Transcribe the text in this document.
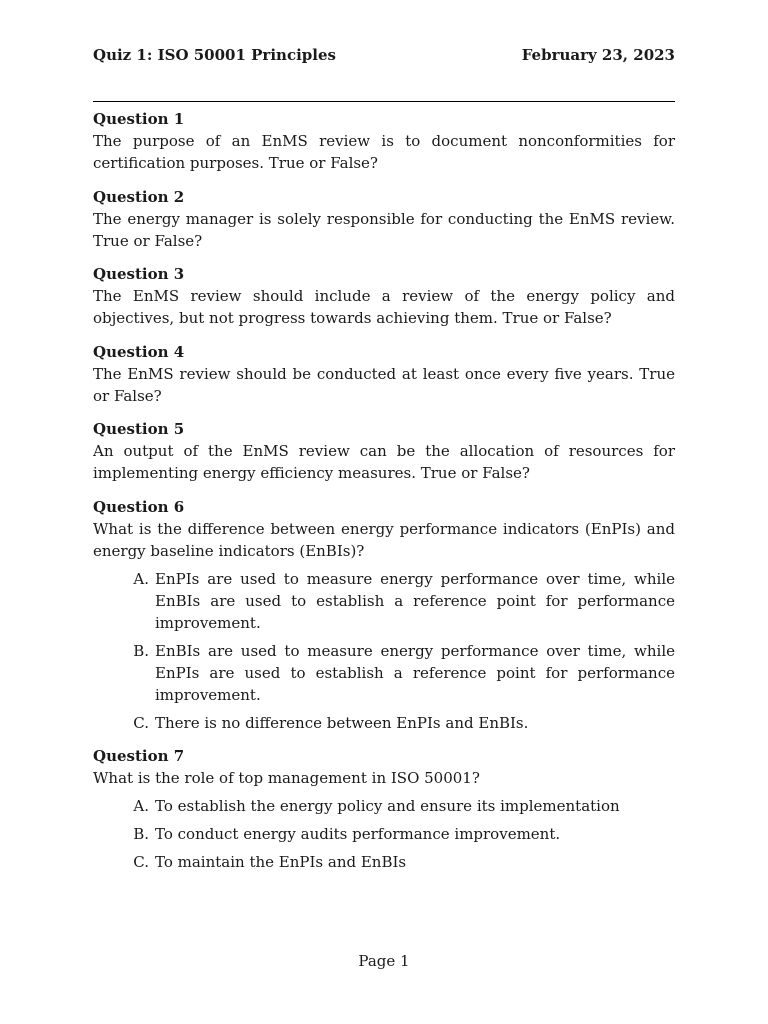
Quiz 1: ISO 50001 Principles	February 23, 2023
Question 1
The purpose of an EnMS review is to document nonconformities for certification purposes. True or False?
Question 2
The energy manager is solely responsible for conducting the EnMS review. True or False?
Question 3
The EnMS review should include a review of the energy policy and objectives, but not progress towards achieving them. True or False?
Question 4
The EnMS review should be conducted at least once every five years. True or False?
Question 5
An output of the EnMS review can be the allocation of resources for implementing energy efficiency measures. True or False?
Question 6
What is the difference between energy performance indicators (EnPIs) and energy baseline indicators (EnBIs)?
A. EnPIs are used to measure energy performance over time, while EnBIs are used to establish a reference point for performance improvement.
B. EnBIs are used to measure energy performance over time, while EnPIs are used to establish a reference point for performance improvement.
C. There is no difference between EnPIs and EnBIs.
Question 7
What is the role of top management in ISO 50001?
A. To establish the energy policy and ensure its implementation
B. To conduct energy audits performance improvement.
C. To maintain the EnPIs and EnBIs
Page 1
